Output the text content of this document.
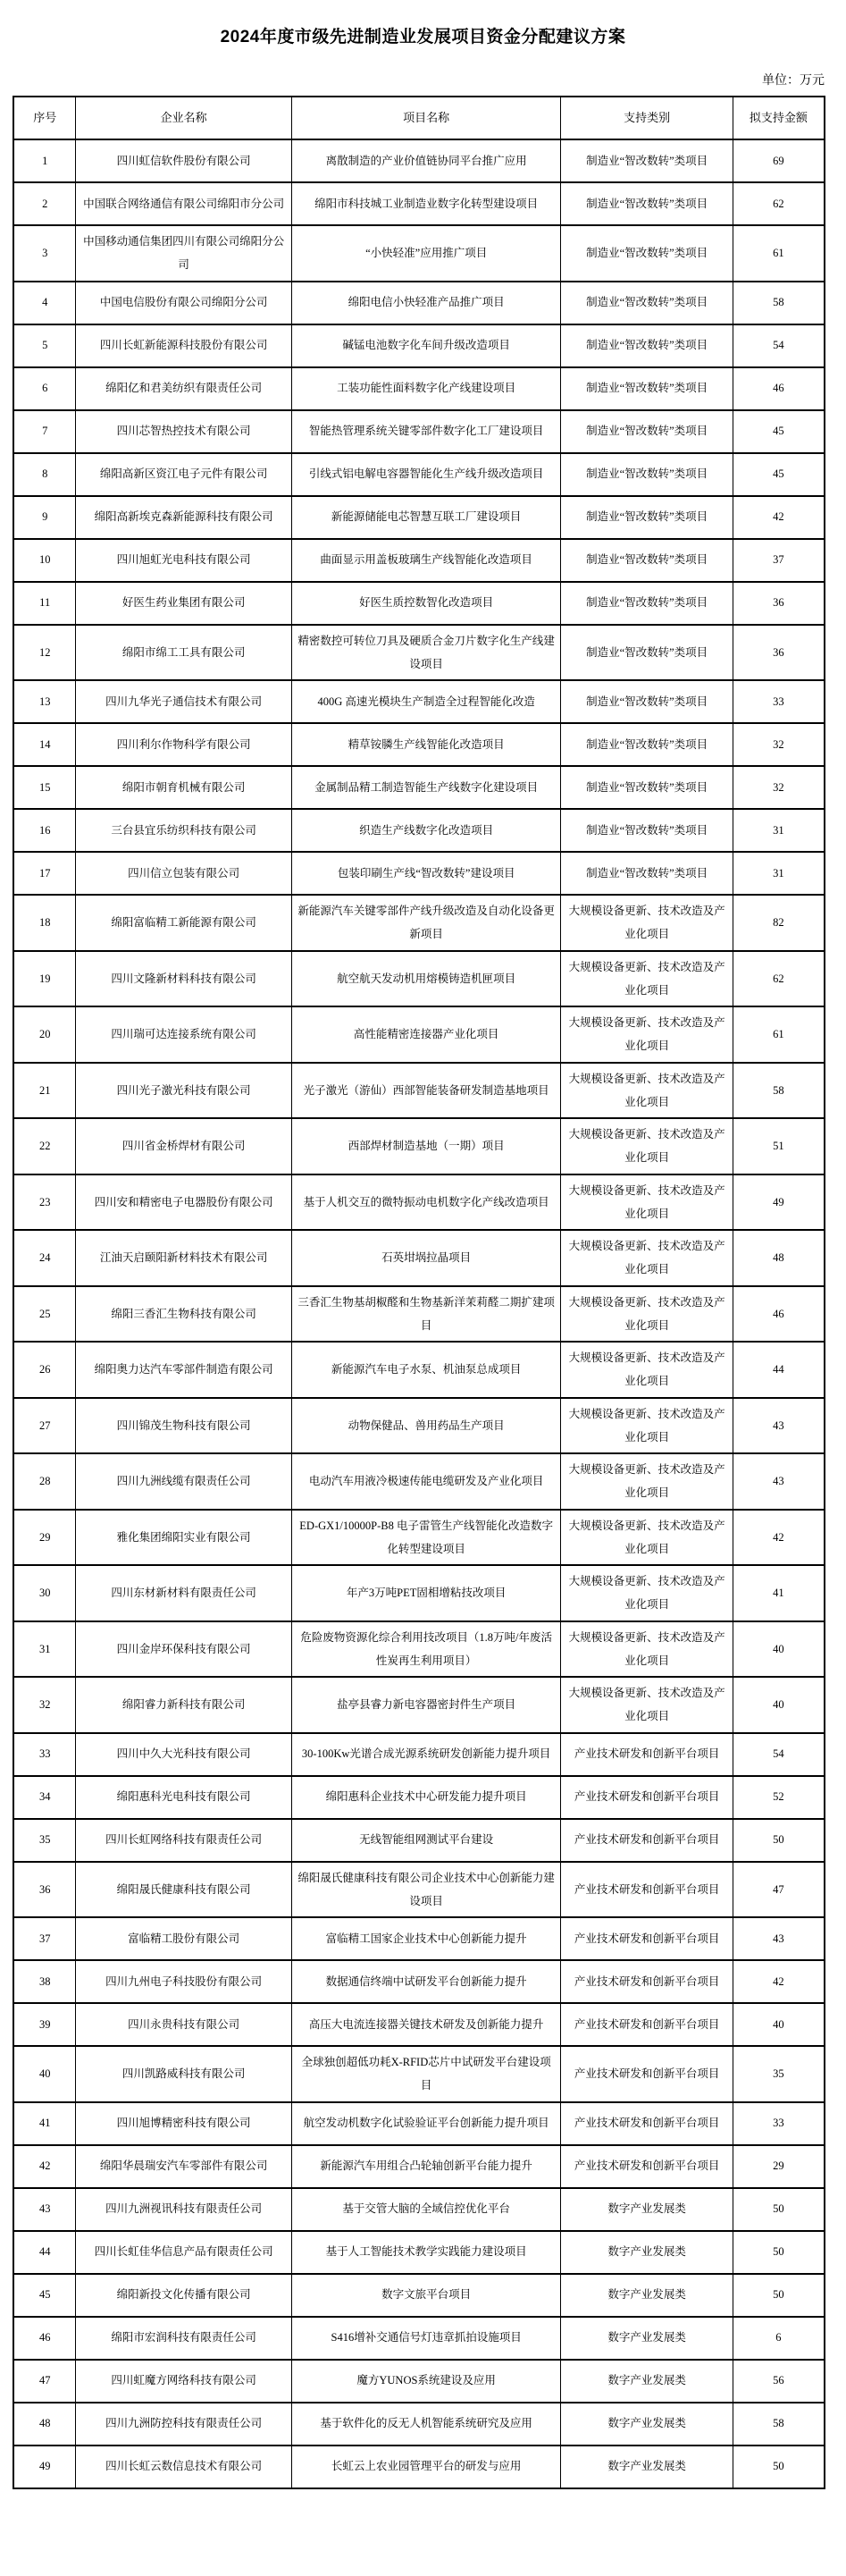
2024年度市级先进制造业发展项目资金分配建议方案
单位：万元
序号	企业名称	项目名称	支持类别	拟支持金额
1	四川虹信软件股份有限公司	离散制造的产业价值链协同平台推广应用	制造业“智改数转”类项目	69
2	中国联合网络通信有限公司绵阳市分公司	绵阳市科技城工业制造业数字化转型建设项目	制造业“智改数转”类项目	62
3	中国移动通信集团四川有限公司绵阳分公司	“小快轻准”应用推广项目	制造业“智改数转”类项目	61
4	中国电信股份有限公司绵阳分公司	绵阳电信小快轻准产品推广项目	制造业“智改数转”类项目	58
5	四川长虹新能源科技股份有限公司	碱锰电池数字化车间升级改造项目	制造业“智改数转”类项目	54
6	绵阳亿和君美纺织有限责任公司	工装功能性面料数字化产线建设项目	制造业“智改数转”类项目	46
7	四川芯智热控技术有限公司	智能热管理系统关键零部件数字化工厂建设项目	制造业“智改数转”类项目	45
8	绵阳高新区资江电子元件有限公司	引线式铝电解电容器智能化生产线升级改造项目	制造业“智改数转”类项目	45
9	绵阳高新埃克森新能源科技有限公司	新能源储能电芯智慧互联工厂建设项目	制造业“智改数转”类项目	42
10	四川旭虹光电科技有限公司	曲面显示用盖板玻璃生产线智能化改造项目	制造业“智改数转”类项目	37
11	好医生药业集团有限公司	好医生质控数智化改造项目	制造业“智改数转”类项目	36
12	绵阳市绵工工具有限公司	精密数控可转位刀具及硬质合金刀片数字化生产线建设项目	制造业“智改数转”类项目	36
13	四川九华光子通信技术有限公司	400G 高速光模块生产制造全过程智能化改造	制造业“智改数转”类项目	33
14	四川利尔作物科学有限公司	精草铵膦生产线智能化改造项目	制造业“智改数转”类项目	32
15	绵阳市朝育机械有限公司	金属制品精工制造智能生产线数字化建设项目	制造业“智改数转”类项目	32
16	三台县宜乐纺织科技有限公司	织造生产线数字化改造项目	制造业“智改数转”类项目	31
17	四川信立包装有限公司	包装印刷生产线“智改数转”建设项目	制造业“智改数转”类项目	31
18	绵阳富临精工新能源有限公司	新能源汽车关键零部件产线升级改造及自动化设备更新项目	大规模设备更新、技术改造及产业化项目	82
19	四川文隆新材料科技有限公司	航空航天发动机用熔模铸造机匣项目	大规模设备更新、技术改造及产业化项目	62
20	四川瑞可达连接系统有限公司	高性能精密连接器产业化项目	大规模设备更新、技术改造及产业化项目	61
21	四川光子激光科技有限公司	光子激光（游仙）西部智能装备研发制造基地项目	大规模设备更新、技术改造及产业化项目	58
22	四川省金桥焊材有限公司	西部焊材制造基地（一期）项目	大规模设备更新、技术改造及产业化项目	51
23	四川安和精密电子电器股份有限公司	基于人机交互的微特振动电机数字化产线改造项目	大规模设备更新、技术改造及产业化项目	49
24	江油天启颐阳新材料技术有限公司	石英坩埚拉晶项目	大规模设备更新、技术改造及产业化项目	48
25	绵阳三香汇生物科技有限公司	三香汇生物基胡椒醛和生物基新洋茉莉醛二期扩建项目	大规模设备更新、技术改造及产业化项目	46
26	绵阳奥力达汽车零部件制造有限公司	新能源汽车电子水泵、机油泵总成项目	大规模设备更新、技术改造及产业化项目	44
27	四川锦茂生物科技有限公司	动物保健品、兽用药品生产项目	大规模设备更新、技术改造及产业化项目	43
28	四川九洲线缆有限责任公司	电动汽车用液冷极速传能电缆研发及产业化项目	大规模设备更新、技术改造及产业化项目	43
29	雅化集团绵阳实业有限公司	ED-GX1/10000P-B8 电子雷管生产线智能化改造数字化转型建设项目	大规模设备更新、技术改造及产业化项目	42
30	四川东材新材料有限责任公司	年产3万吨PET固相增粘技改项目	大规模设备更新、技术改造及产业化项目	41
31	四川金岸环保科技有限公司	危险废物资源化综合利用技改项目（1.8万吨/年废活性炭再生利用项目）	大规模设备更新、技术改造及产业化项目	40
32	绵阳睿力新科技有限公司	盐亭县睿力新电容器密封件生产项目	大规模设备更新、技术改造及产业化项目	40
33	四川中久大光科技有限公司	30-100Kw光谱合成光源系统研发创新能力提升项目	产业技术研发和创新平台项目	54
34	绵阳惠科光电科技有限公司	绵阳惠科企业技术中心研发能力提升项目	产业技术研发和创新平台项目	52
35	四川长虹网络科技有限责任公司	无线智能组网测试平台建设	产业技术研发和创新平台项目	50
36	绵阳晟氏健康科技有限公司	绵阳晟氏健康科技有限公司企业技术中心创新能力建设项目	产业技术研发和创新平台项目	47
37	富临精工股份有限公司	富临精工国家企业技术中心创新能力提升	产业技术研发和创新平台项目	43
38	四川九州电子科技股份有限公司	数据通信终端中试研发平台创新能力提升	产业技术研发和创新平台项目	42
39	四川永贵科技有限公司	高压大电流连接器关键技术研发及创新能力提升	产业技术研发和创新平台项目	40
40	四川凯路威科技有限公司	全球独创超低功耗X-RFID芯片中试研发平台建设项目	产业技术研发和创新平台项目	35
41	四川旭博精密科技有限公司	航空发动机数字化试验验证平台创新能力提升项目	产业技术研发和创新平台项目	33
42	绵阳华晨瑞安汽车零部件有限公司	新能源汽车用组合凸轮轴创新平台能力提升	产业技术研发和创新平台项目	29
43	四川九洲视讯科技有限责任公司	基于交管大脑的全域信控优化平台	数字产业发展类	50
44	四川长虹佳华信息产品有限责任公司	基于人工智能技术教学实践能力建设项目	数字产业发展类	50
45	绵阳新投文化传播有限公司	数字文旅平台项目	数字产业发展类	50
46	绵阳市宏润科技有限责任公司	S416增补交通信号灯违章抓拍设施项目	数字产业发展类	6
47	四川虹魔方网络科技有限公司	魔方YUNOS系统建设及应用	数字产业发展类	56
48	四川九洲防控科技有限责任公司	基于软件化的反无人机智能系统研究及应用	数字产业发展类	58
49	四川长虹云数信息技术有限公司	长虹云上农业园管理平台的研发与应用	数字产业发展类	50
